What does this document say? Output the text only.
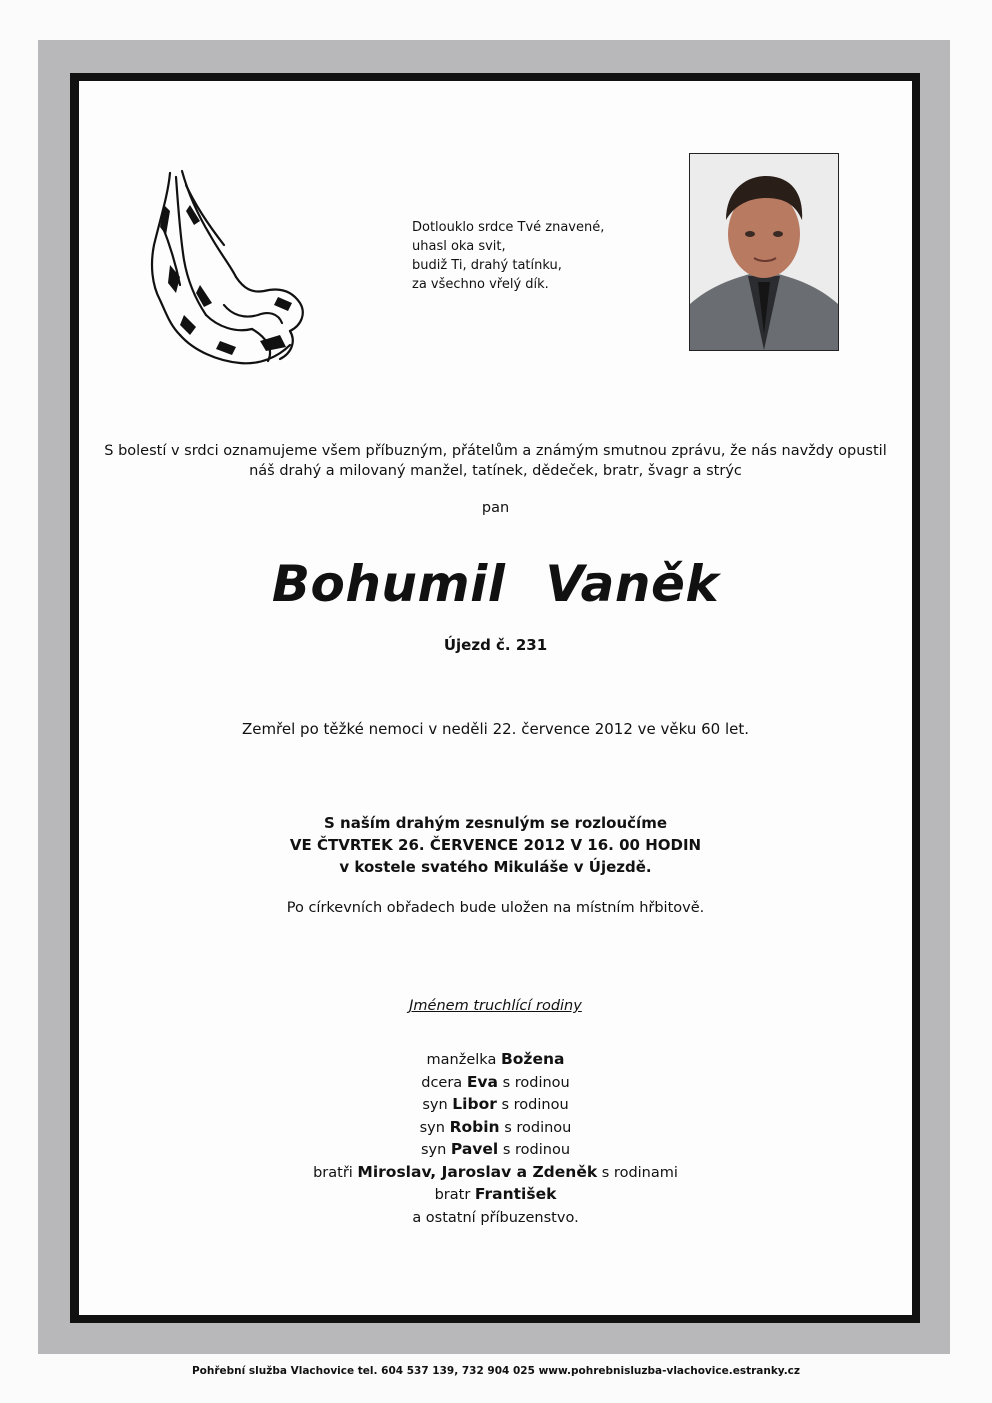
Dotlouklo srdce Tvé znavené,
uhasl oka svit,
budiž Ti, drahý tatínku,
za všechno vřelý dík.
S bolestí v srdci oznamujeme všem příbuzným, přátelům a známým smutnou zprávu, že nás navždy opustil
náš drahý a milovaný manžel, tatínek, dědeček, bratr, švagr a strýc
pan
Bohumil Vaněk
Újezd č. 231
Zemřel po těžké nemoci v neděli 22. července 2012 ve věku 60 let.
S naším drahým zesnulým se rozloučíme
VE ČTVRTEK 26. ČERVENCE 2012 V 16. 00 HODIN
v kostele svatého Mikuláše v Újezdě.
Po církevních obřadech bude uložen na místním hřbitově.
Jménem truchlící rodiny
manželka Božena
dcera Eva s rodinou
syn Libor s rodinou
syn Robin s rodinou
syn Pavel s rodinou
bratři Miroslav, Jaroslav a Zdeněk s rodinami
bratr František
a ostatní příbuzenstvo.
Pohřební služba Vlachovice tel. 604 537 139, 732 904 025 www.pohrebnisluzba-vlachovice.estranky.cz
